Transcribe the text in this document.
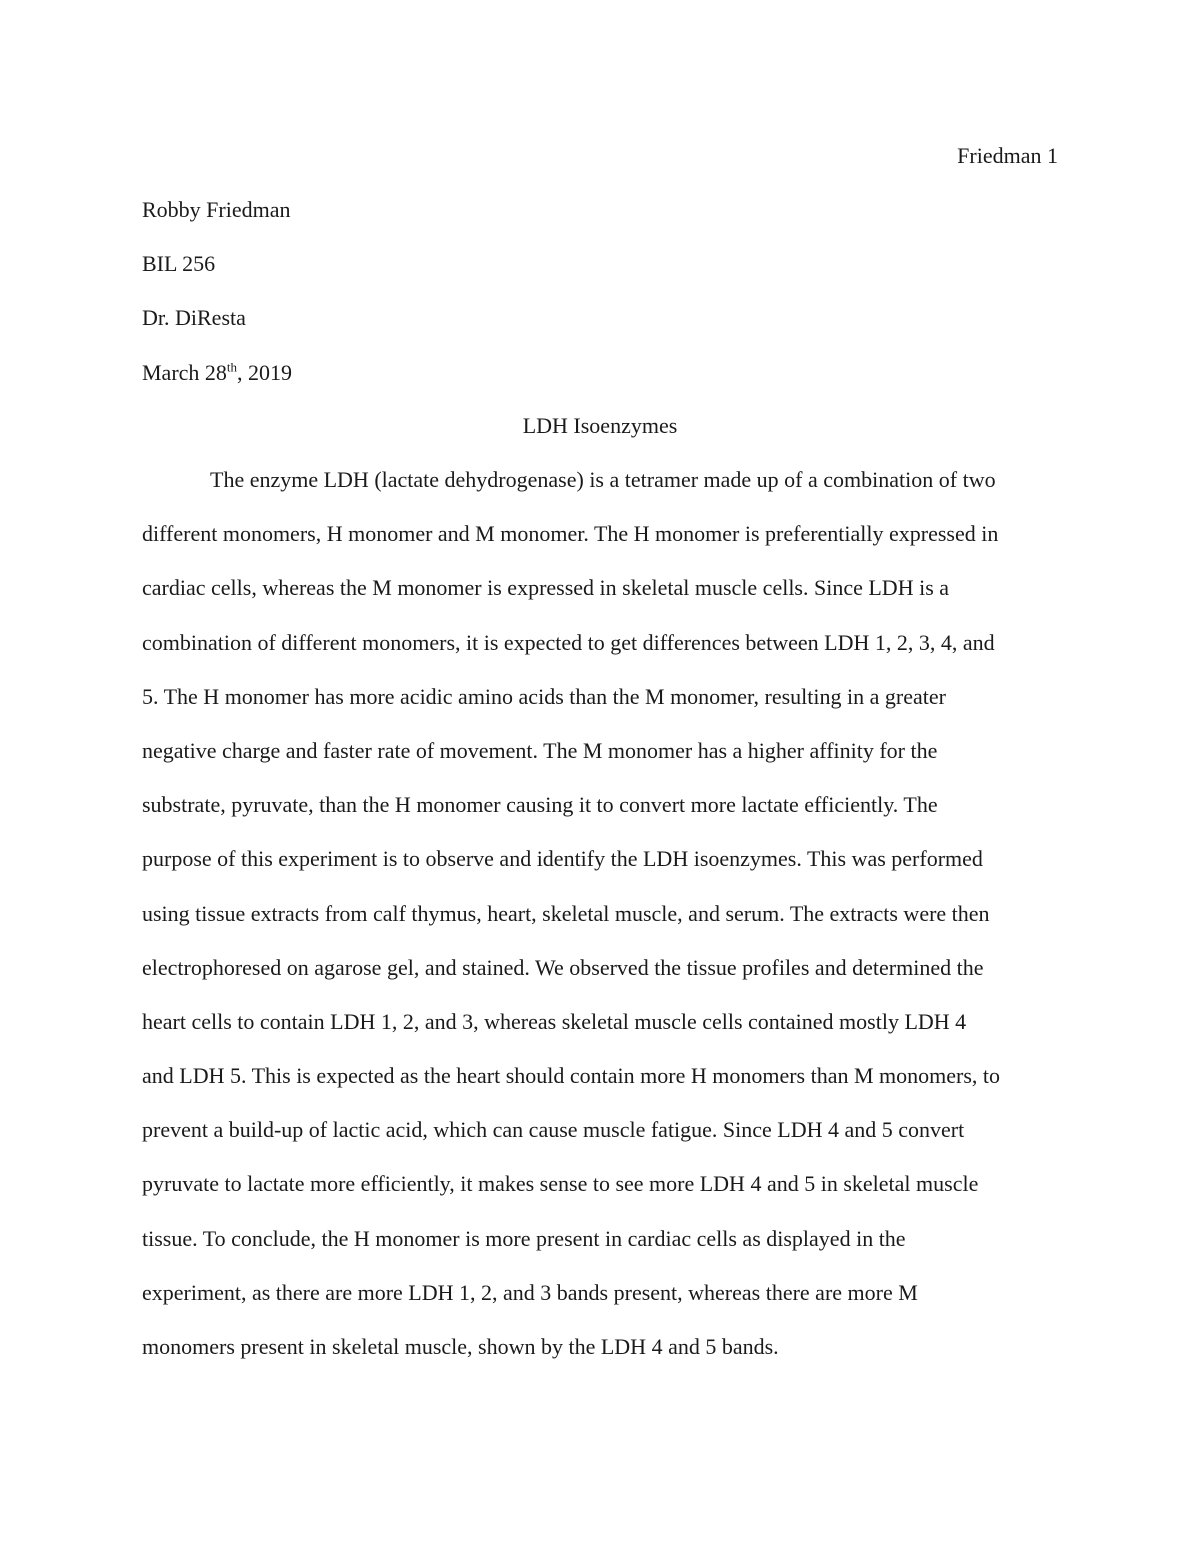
Friedman 1
Robby Friedman
BIL 256
Dr. DiResta
March 28th, 2019
LDH Isoenzymes
The enzyme LDH (lactate dehydrogenase) is a tetramer made up of a combination of two
different monomers, H monomer and M monomer. The H monomer is preferentially expressed in
cardiac cells, whereas the M monomer is expressed in skeletal muscle cells. Since LDH is a
combination of different monomers, it is expected to get differences between LDH 1, 2, 3, 4, and
5. The H monomer has more acidic amino acids than the M monomer, resulting in a greater
negative charge and faster rate of movement. The M monomer has a higher affinity for the
substrate, pyruvate, than the H monomer causing it to convert more lactate efficiently. The
purpose of this experiment is to observe and identify the LDH isoenzymes. This was performed
using tissue extracts from calf thymus, heart, skeletal muscle, and serum. The extracts were then
electrophoresed on agarose gel, and stained. We observed the tissue profiles and determined the
heart cells to contain LDH 1, 2, and 3, whereas skeletal muscle cells contained mostly LDH 4
and LDH 5. This is expected as the heart should contain more H monomers than M monomers, to
prevent a build-up of lactic acid, which can cause muscle fatigue. Since LDH 4 and 5 convert
pyruvate to lactate more efficiently, it makes sense to see more LDH 4 and 5 in skeletal muscle
tissue. To conclude, the H monomer is more present in cardiac cells as displayed in the
experiment, as there are more LDH 1, 2, and 3 bands present, whereas there are more M
monomers present in skeletal muscle, shown by the LDH 4 and 5 bands.
